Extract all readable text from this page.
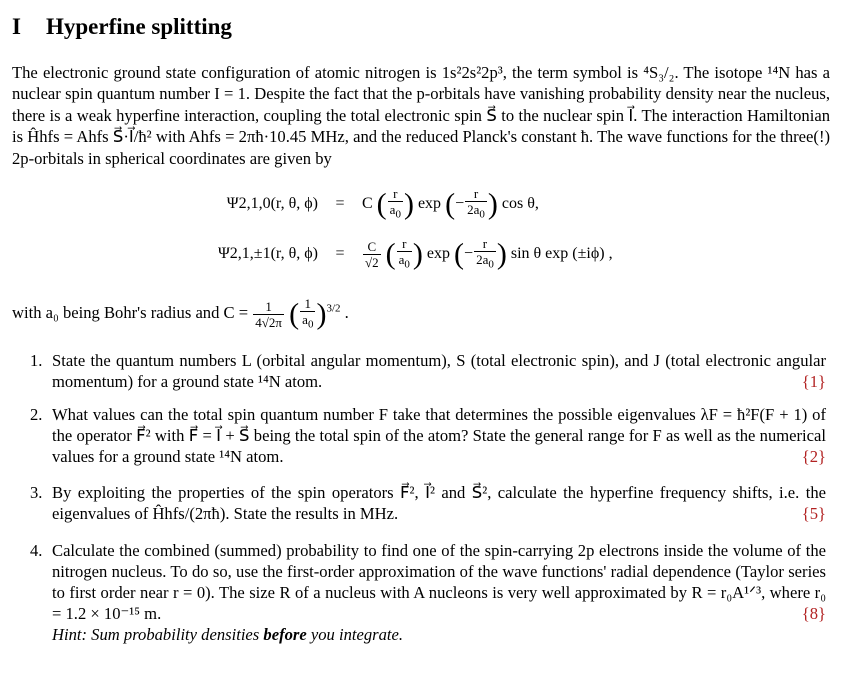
I Hyperfine splitting
The electronic ground state configuration of atomic nitrogen is 1s²2s²2p³, the term symbol is ⁴S₃/₂. The isotope ¹⁴N has a nuclear spin quantum number I = 1. Despite the fact that the p-orbitals have vanishing probability density near the nucleus, there is a weak hyperfine interaction, coupling the total electronic spin S⃗ to the nuclear spin I⃗. The interaction Hamiltonian is Ĥhfs = Ahfs S⃗·I⃗/ħ² with Ahfs = 2πħ·10.45 MHz, and the reduced Planck's constant ħ. The wave functions for the three(!) 2p-orbitals in spherical coordinates are given by
Ψ2,1,0(r, θ, ϕ) = C ( $\frac{r}{a_0}$ ) exp (− $\frac{r}{2a_0}$ ) cos θ,
Ψ2,1,±1(r, θ, $\phi) = \frac{C}{√2}$ ( $\frac{r}{a_0}$ ) exp (− $\frac{r}{2a_0}$ ) sin θ exp (±iϕ) ,
with a₀ being Bohr's radius and $C = \frac{1}{4√2\pi}$ ( $\frac{1}{a_0} )^{3/2}$ .
1. State the quantum numbers L (orbital angular momentum), S (total electronic spin), and J (total electronic angular momentum) for a ground state ¹⁴N atom.	{1}
2. What values can the total spin quantum number F take that determines the possible eigenvalues λF = ħ²F(F + 1) of the operator F⃗² with F⃗ = I⃗ + S⃗ being the total spin of the atom? State the general range for F as well as the numerical values for a ground state ¹⁴N atom.	{2}
3. By exploiting the properties of the spin operators F⃗², I⃗² and S⃗², calculate the hyperfine frequency shifts, i.e. the eigenvalues of Ĥhfs/(2πħ). State the results in MHz.	{5}
4. Calculate the combined (summed) probability to find one of the spin-carrying 2p electrons inside the volume of the nitrogen nucleus. To do so, use the first-order approximation of the wave functions' radial dependence (Taylor series to first order near r = 0). The size R of a nucleus with A nucleons is very well approximated by R = r₀A¹ᐟ³, where r₀ = 1.2 × 10⁻¹⁵ m.
Hint: Sum probability densities before you integrate.
{8}
